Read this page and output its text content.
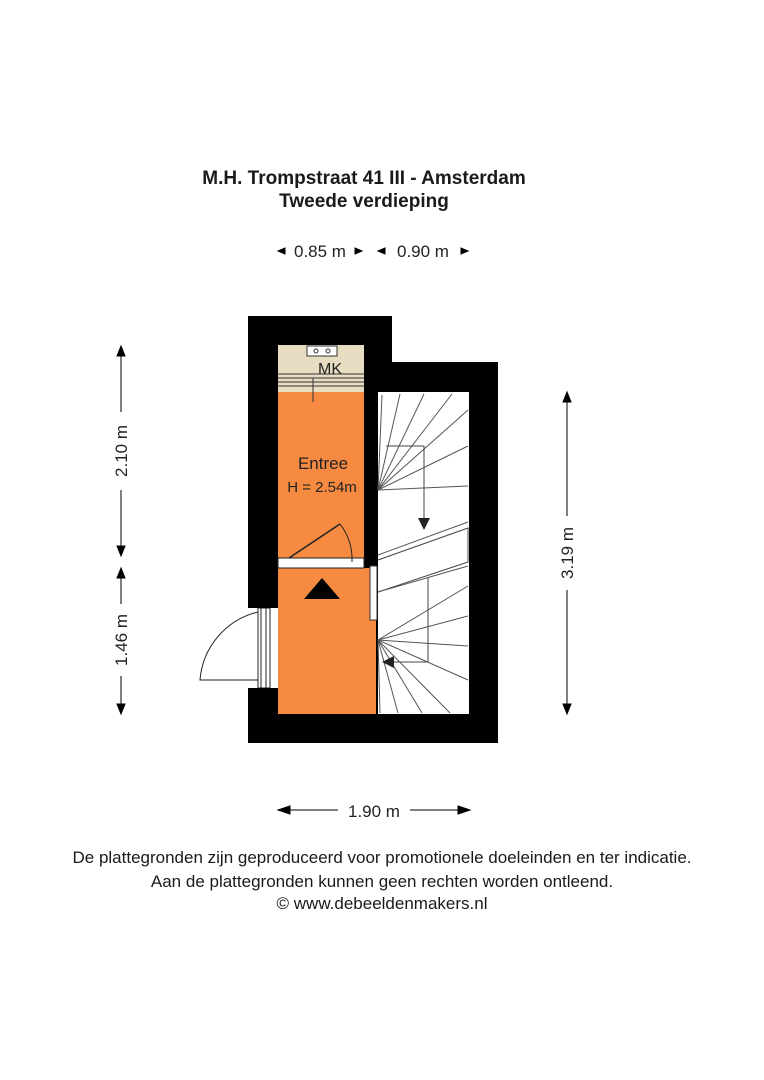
M.H. Trompstraat 41 III - Amsterdam
Tweede verdieping
MK
Entree
H = 2.54m
0.85 m	0.90 m
2.10 m
1.46 m
3.19 m
1.90 m
De plattegronden zijn geproduceerd voor promotionele doeleinden en ter indicatie.
Aan de plattegronden kunnen geen rechten worden ontleend.
© www.debeeldenmakers.nl
